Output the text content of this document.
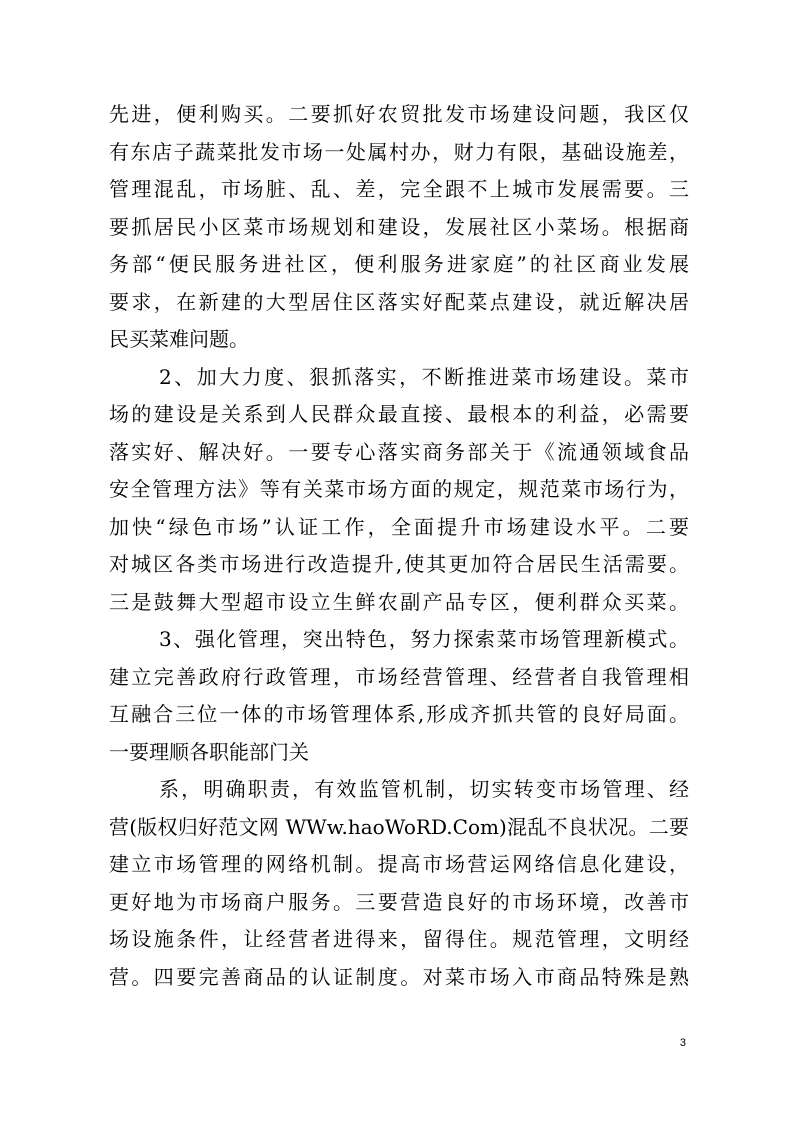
先进，便利购买。二要抓好农贸批发市场建设问题，我区仅
有东店子蔬菜批发市场一处属村办，财力有限，基础设施差，
管理混乱，市场脏、乱、差，完全跟不上城市发展需要。三
要抓居民小区菜市场规划和建设，发展社区小菜场。根据商
务部“便民服务进社区，便利服务进家庭”的社区商业发展
要求，在新建的大型居住区落实好配菜点建设，就近解决居
民买菜难问题。
2、加大力度、狠抓落实，不断推进菜市场建设。菜市
场的建设是关系到人民群众最直接、最根本的利益，必需要
落实好、解决好。一要专心落实商务部关于《流通领域食品
安全管理方法》等有关菜市场方面的规定，规范菜市场行为，
加快“绿色市场”认证工作，全面提升市场建设水平。二要
对城区各类市场进行改造提升,使其更加符合居民生活需要。
三是鼓舞大型超市设立生鲜农副产品专区，便利群众买菜。
3、强化管理，突出特色，努力探索菜市场管理新模式。
建立完善政府行政管理，市场经营管理、经营者自我管理相
互融合三位一体的市场管理体系,形成齐抓共管的良好局面。
一要理顺各职能部门关
系，明确职责，有效监管机制，切实转变市场管理、经
营(版权归好范文网 WWw.haoWoRD.Com)混乱不良状况。二要
建立市场管理的网络机制。提高市场营运网络信息化建设，
更好地为市场商户服务。三要营造良好的市场环境，改善市
场设施条件，让经营者进得来，留得住。规范管理，文明经
营。四要完善商品的认证制度。对菜市场入市商品特殊是熟
3
